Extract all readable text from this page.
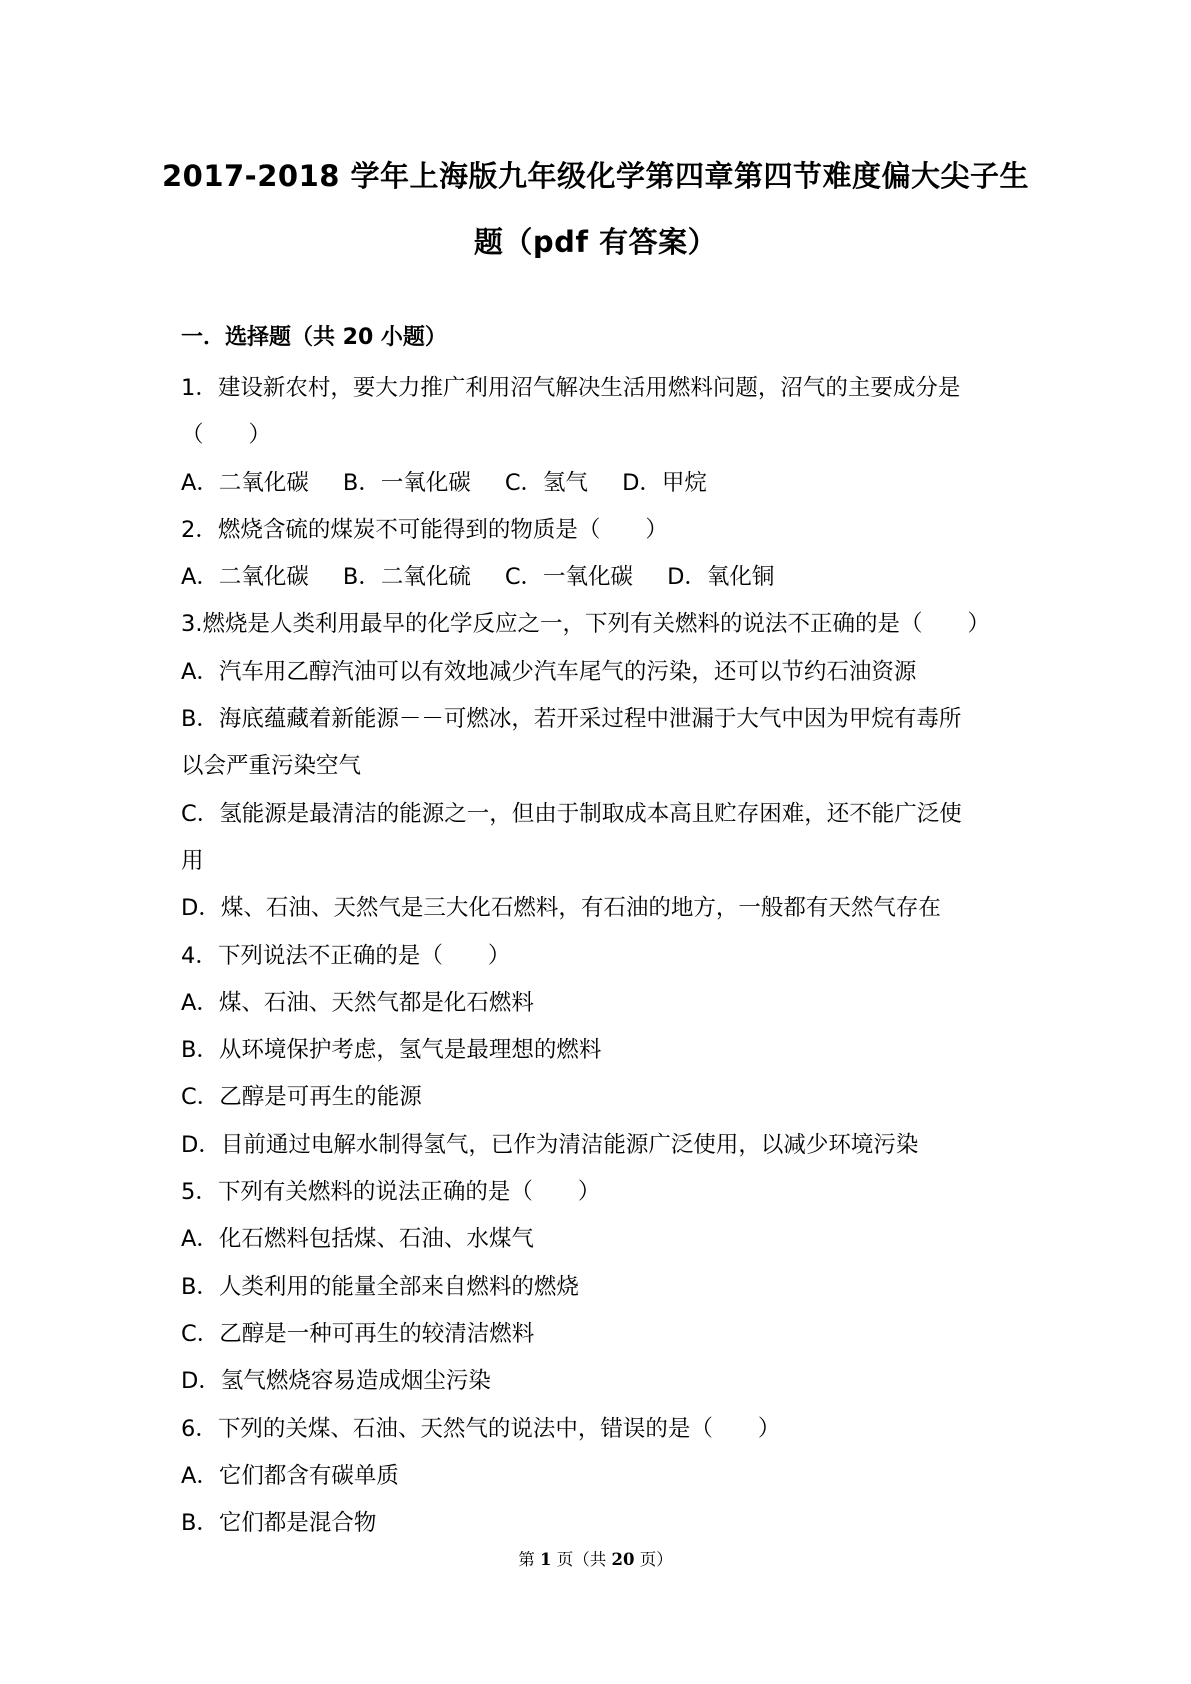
2017-2018 学年上海版九年级化学第四章第四节难度偏大尖子生
题（pdf 有答案）
一．选择题（共 20 小题）
1．建设新农村，要大力推广利用沼气解决生活用燃料问题，沼气的主要成分是
（　　）
A．二氧化碳 B．一氧化碳 C．氢气 D．甲烷
2．燃烧含硫的煤炭不可能得到的物质是（　　）
A．二氧化碳 B．二氧化硫 C．一氧化碳 D．氧化铜
3.燃烧是人类利用最早的化学反应之一，下列有关燃料的说法不正确的是（　　）
A．汽车用乙醇汽油可以有效地减少汽车尾气的污染，还可以节约石油资源
B．海底蕴藏着新能源－－可燃冰，若开采过程中泄漏于大气中因为甲烷有毒所
以会严重污染空气
C．氢能源是最清洁的能源之一，但由于制取成本高且贮存困难，还不能广泛使
用
D．煤、石油、天然气是三大化石燃料，有石油的地方，一般都有天然气存在
4．下列说法不正确的是（　　）
A．煤、石油、天然气都是化石燃料
B．从环境保护考虑，氢气是最理想的燃料
C．乙醇是可再生的能源
D．目前通过电解水制得氢气，已作为清洁能源广泛使用，以减少环境污染
5．下列有关燃料的说法正确的是（　　）
A．化石燃料包括煤、石油、水煤气
B．人类利用的能量全部来自燃料的燃烧
C．乙醇是一种可再生的较清洁燃料
D．氢气燃烧容易造成烟尘污染
6．下列的关煤、石油、天然气的说法中，错误的是（　　）
A．它们都含有碳单质
B．它们都是混合物
第 1 页（共 20 页）
